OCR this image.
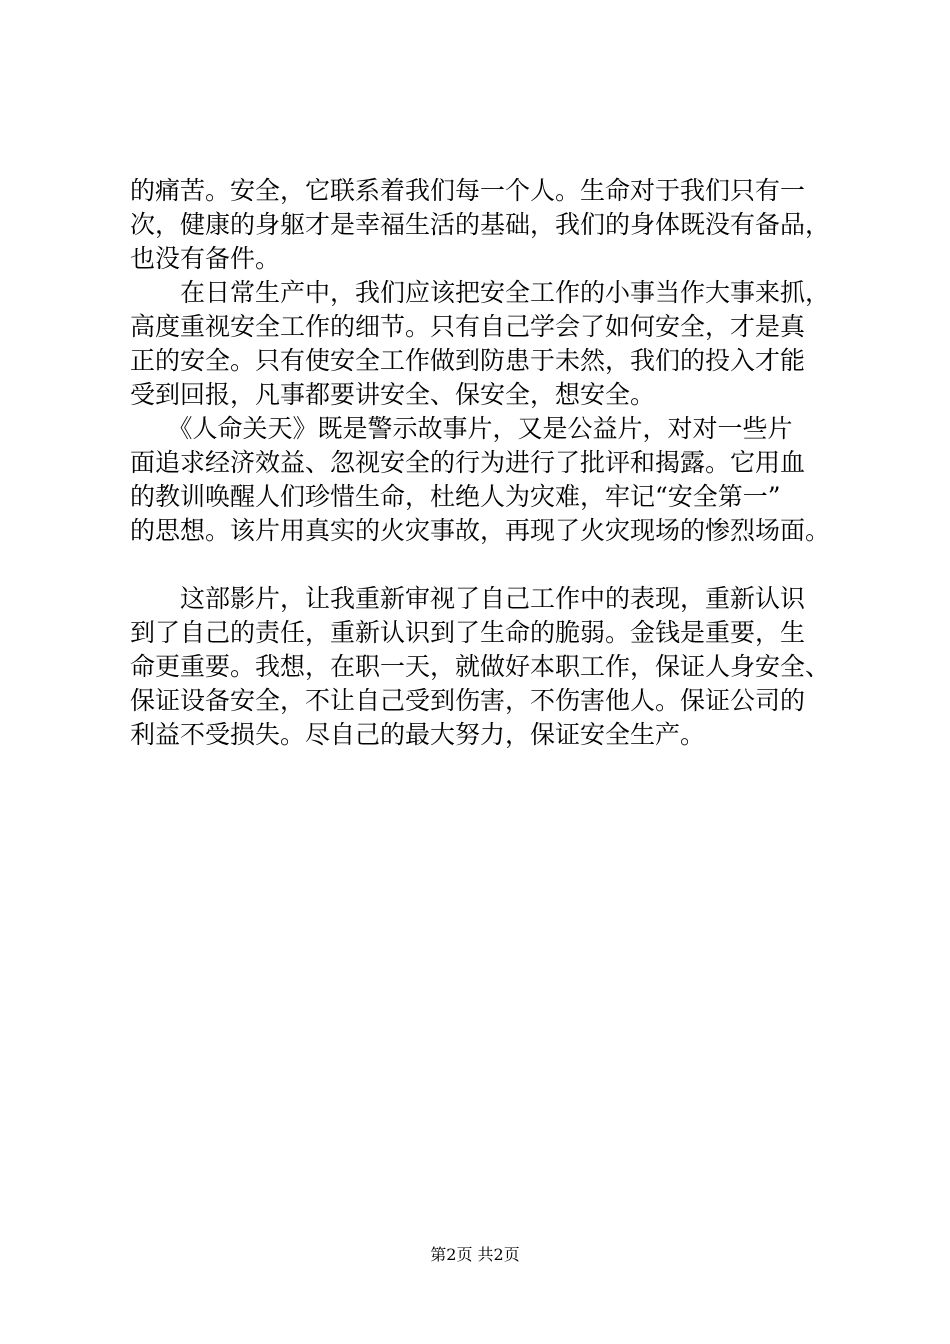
的痛苦。安全，它联系着我们每一个人。生命对于我们只有一
次，健康的身躯才是幸福生活的基础，我们的身体既没有备品，
也没有备件。
　　在日常生产中，我们应该把安全工作的小事当作大事来抓，
高度重视安全工作的细节。只有自己学会了如何安全，才是真
正的安全。只有使安全工作做到防患于未然，我们的投入才能
受到回报，凡事都要讲安全、保安全，想安全。
　　《人命关天》既是警示故事片，又是公益片，对对一些片
面追求经济效益、忽视安全的行为进行了批评和揭露。它用血
的教训唤醒人们珍惜生命，杜绝人为灾难，牢记“安全第一”
的思想。该片用真实的火灾事故，再现了火灾现场的惨烈场面。
　　这部影片，让我重新审视了自己工作中的表现，重新认识
到了自己的责任，重新认识到了生命的脆弱。金钱是重要，生
命更重要。我想，在职一天，就做好本职工作，保证人身安全、
保证设备安全，不让自己受到伤害，不伤害他人。保证公司的
利益不受损失。尽自己的最大努力，保证安全生产。
第2页 共2页
